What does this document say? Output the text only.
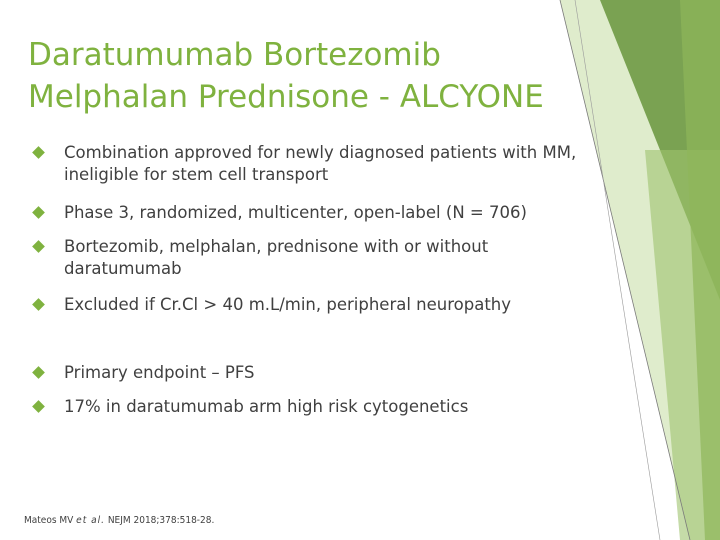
Daratumumab Bortezomib
Melphalan Prednisone - ALCYONE
Combination approved for newly diagnosed patients with MM, ineligible for stem cell transport
Phase 3, randomized, multicenter, open-label (N = 706)
Bortezomib, melphalan, prednisone with or without daratumumab
Excluded if Cr.Cl > 40 m.L/min, peripheral neuropathy
Primary endpoint – PFS
17% in daratumumab arm high risk cytogenetics
Mateos MV et al. NEJM 2018;378:518-28.
